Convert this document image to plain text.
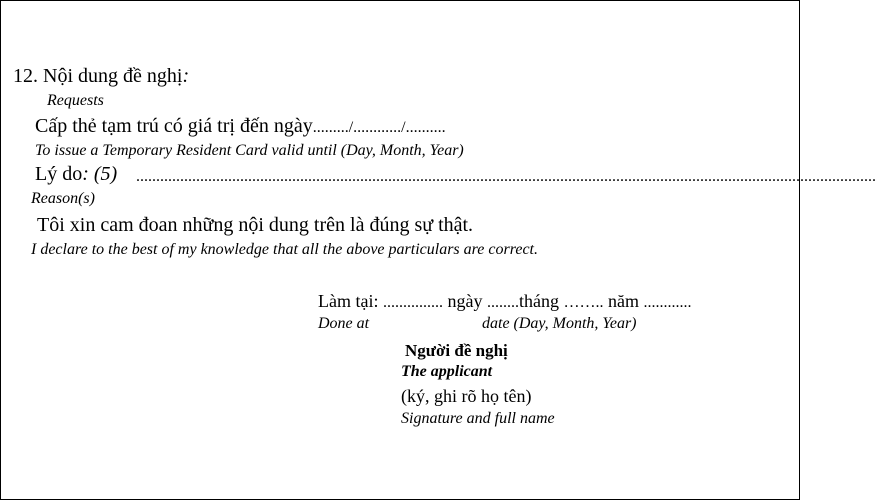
12. Nội dung đề nghị:
Requests
Cấp thẻ tạm trú có giá trị đến ngày........./............/..........
To issue a Temporary Resident Card valid until (Day, Month, Year)
Lý do: (5) .........................................................................................................................................................................................
Reason(s)
Tôi xin cam đoan những nội dung trên là đúng sự thật.
I declare to the best of my knowledge that all the above particulars are correct.
Làm tại: ............... ngày ........tháng …….. năm ............
Done at	date (Day, Month, Year)
Người đề nghị
The applicant
(ký, ghi rõ họ tên)
Signature and full name
